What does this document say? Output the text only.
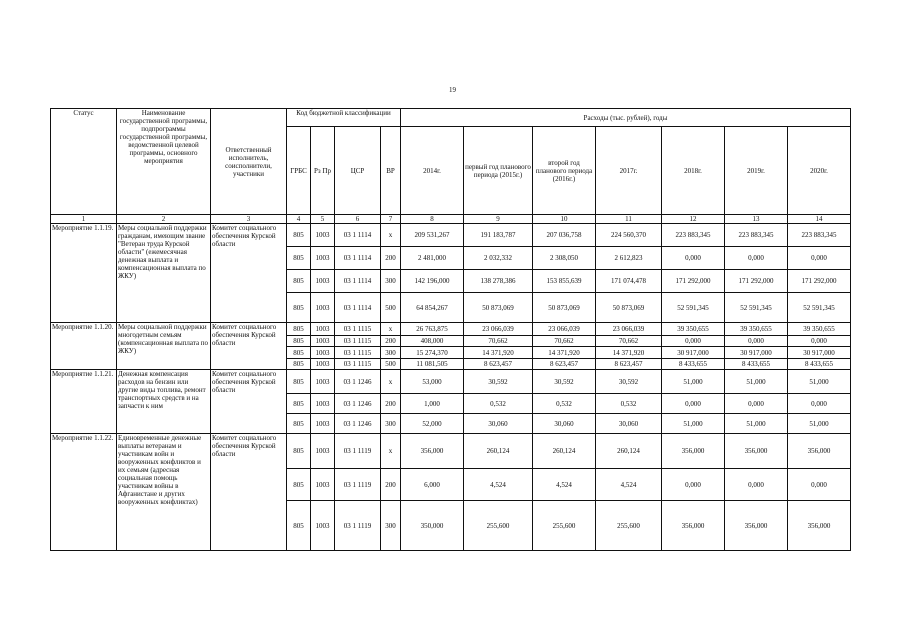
19
Статус	Наименование государственной программы, подпрограммы государственной программы, ведомственной целевой программы, основного мероприятия	Ответственный исполнитель, соисполнители, участники	Код бюджетной классификации				Расходы (тыс. рублей), годы						
			ГРБС	Рз Пр	ЦСР	ВР	2014г.	первый год планового периода (2015г.)	второй год планового периода (2016г.)	2017г.	2018г.	2019г.	2020г.
1	2	3	4	5	6	7	8	9	10	11	12	13	14
Мероприятие 1.1.19.	Меры социальной поддержки гражданам, имеющим звание "Ветеран труда Курской области" (ежемесячная денежная выплата и компенсационная выплата по ЖКУ)	Комитет социального обеспечения Курской области	805	1003	03 1 1114	х	209 531,267	191 183,787	207 036,758	224 560,370	223 883,345	223 883,345	223 883,345
			805	1003	03 1 1114	200	2 481,000	2 032,332	2 308,050	2 612,823	0,000	0,000	0,000
			805	1003	03 1 1114	300	142 196,000	138 278,386	153 855,639	171 074,478	171 292,000	171 292,000	171 292,000
			805	1003	03 1 1114	500	64 854,267	50 873,069	50 873,069	50 873,069	52 591,345	52 591,345	52 591,345
Мероприятие 1.1.20.	Меры социальной поддержки многодетным семьям (компенсационная выплата по ЖКУ)	Комитет социального обеспечения Курской области	805	1003	03 1 1115	х	26 763,875	23 066,039	23 066,039	23 066,039	39 350,655	39 350,655	39 350,655
			805	1003	03 1 1115	200	408,000	70,662	70,662	70,662	0,000	0,000	0,000
			805	1003	03 1 1115	300	15 274,370	14 371,920	14 371,920	14 371,920	30 917,000	30 917,000	30 917,000
			805	1003	03 1 1115	500	11 081,505	8 623,457	8 623,457	8 623,457	8 433,655	8 433,655	8 433,655
Мероприятие 1.1.21.	Денежная компенсация расходов на бензин или другие виды топлива, ремонт транспортных средств и на запчасти к ним	Комитет социального обеспечения Курской области	805	1003	03 1 1246	х	53,000	30,592	30,592	30,592	51,000	51,000	51,000
			805	1003	03 1 1246	200	1,000	0,532	0,532	0,532	0,000	0,000	0,000
			805	1003	03 1 1246	300	52,000	30,060	30,060	30,060	51,000	51,000	51,000
Мероприятие 1.1.22.	Единовременные денежные выплаты ветеранам и участникам войн и вооруженных конфликтов и их семьям (адресная социальная помощь участникам войны в Афганистане и других вооруженных конфликтах)	Комитет социального обеспечения Курской области	805	1003	03 1 1119	х	356,000	260,124	260,124	260,124	356,000	356,000	356,000
			805	1003	03 1 1119	200	6,000	4,524	4,524	4,524	0,000	0,000	0,000
			805	1003	03 1 1119	300	350,000	255,600	255,600	255,600	356,000	356,000	356,000
